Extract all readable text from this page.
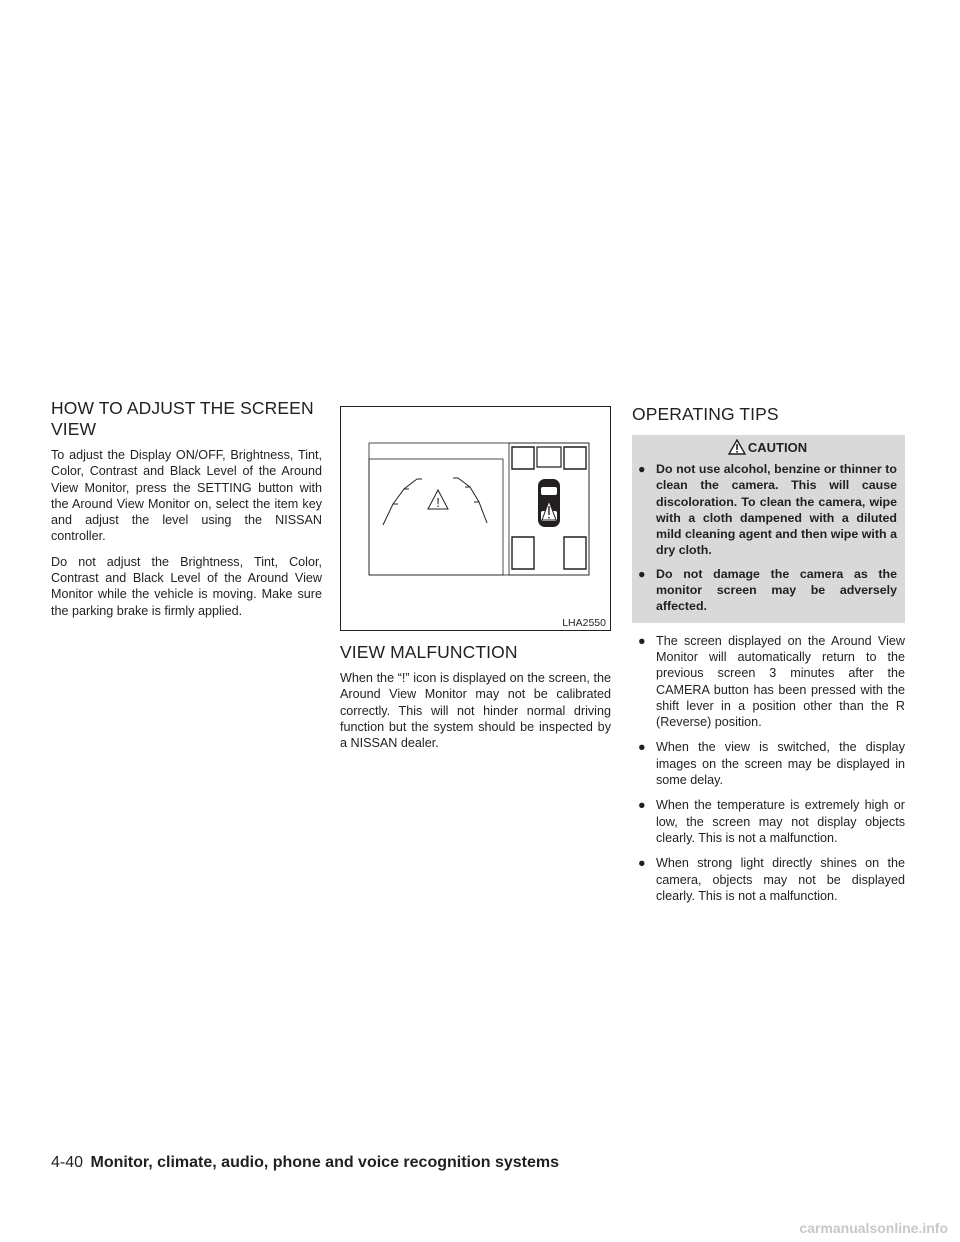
HOW TO ADJUST THE SCREEN VIEW

To adjust the Display ON/OFF, Brightness, Tint, Color, Contrast and Black Level of the Around View Monitor, press the SETTING button with the Around View Monitor on, select the item key and adjust the level using the NISSAN controller.

Do not adjust the Brightness, Tint, Color, Contrast and Black Level of the Around View Monitor while the vehicle is moving. Make sure the parking brake is firmly applied.

!
LHA2550
VIEW MALFUNCTION

When the “!” icon is displayed on the screen, the Around View Monitor may not be calibrated correctly. This will not hinder normal driving function but the system should be inspected by a NISSAN dealer.

OPERATING TIPS
CAUTION
● Do not use alcohol, benzine or thinner to clean the camera. This will cause discoloration. To clean the camera, wipe with a cloth dampened with a diluted mild cleaning agent and then wipe with a dry cloth.
● Do not damage the camera as the monitor screen may be adversely affected.
● The screen displayed on the Around View Monitor will automatically return to the previous screen 3 minutes after the CAMERA button has been pressed with the shift lever in a position other than the R (Reverse) position.
● When the view is switched, the display images on the screen may be displayed in some delay.
● When the temperature is extremely high or low, the screen may not display objects clearly. This is not a malfunction.
● When strong light directly shines on the camera, objects may not be displayed clearly. This is not a malfunction.
4-40 Monitor, climate, audio, phone and voice recognition systems
carmanualsonline.info
